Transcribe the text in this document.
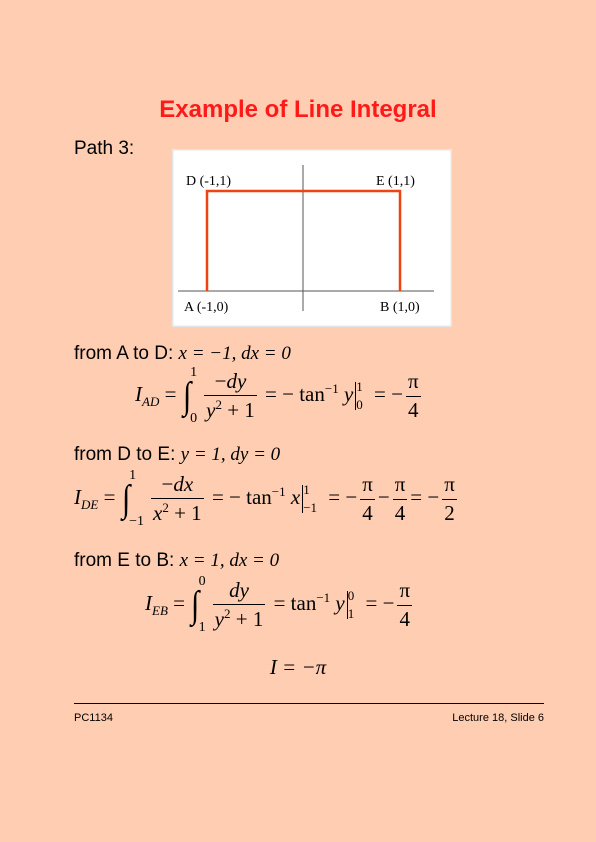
Example of Line Integral
Path 3:
D (-1,1)	E (1,1)
A (-1,0)	B (1,0)
from A to D: x = −1, dx = 0
$I_{AD}$ = ∫
1
$0 \frac{-dy}{y^2 + 1}$ = − $\tan^{-1} y$ 1
0 = − $\frac{\pi}{4}$
from D to E: y = 1, dy = 0
$I_{DE}$ = ∫
1
$-1 \frac{-dx}{x^2 + 1}$ = − $\tan^{-1} x$ 1
−1 = − $\frac{\pi}{4} - \frac{\pi}{4}$ = − $\frac{\pi}{2}$
from E to B: x = 1, dx = 0
$I_{EB}$ = ∫
0
$1 \frac{dy}{y^2 + 1} = \tan^{-1} y$ 0
1 = − $\frac{\pi}{4}$
I = −π
PC1134	Lecture 18, Slide 6
